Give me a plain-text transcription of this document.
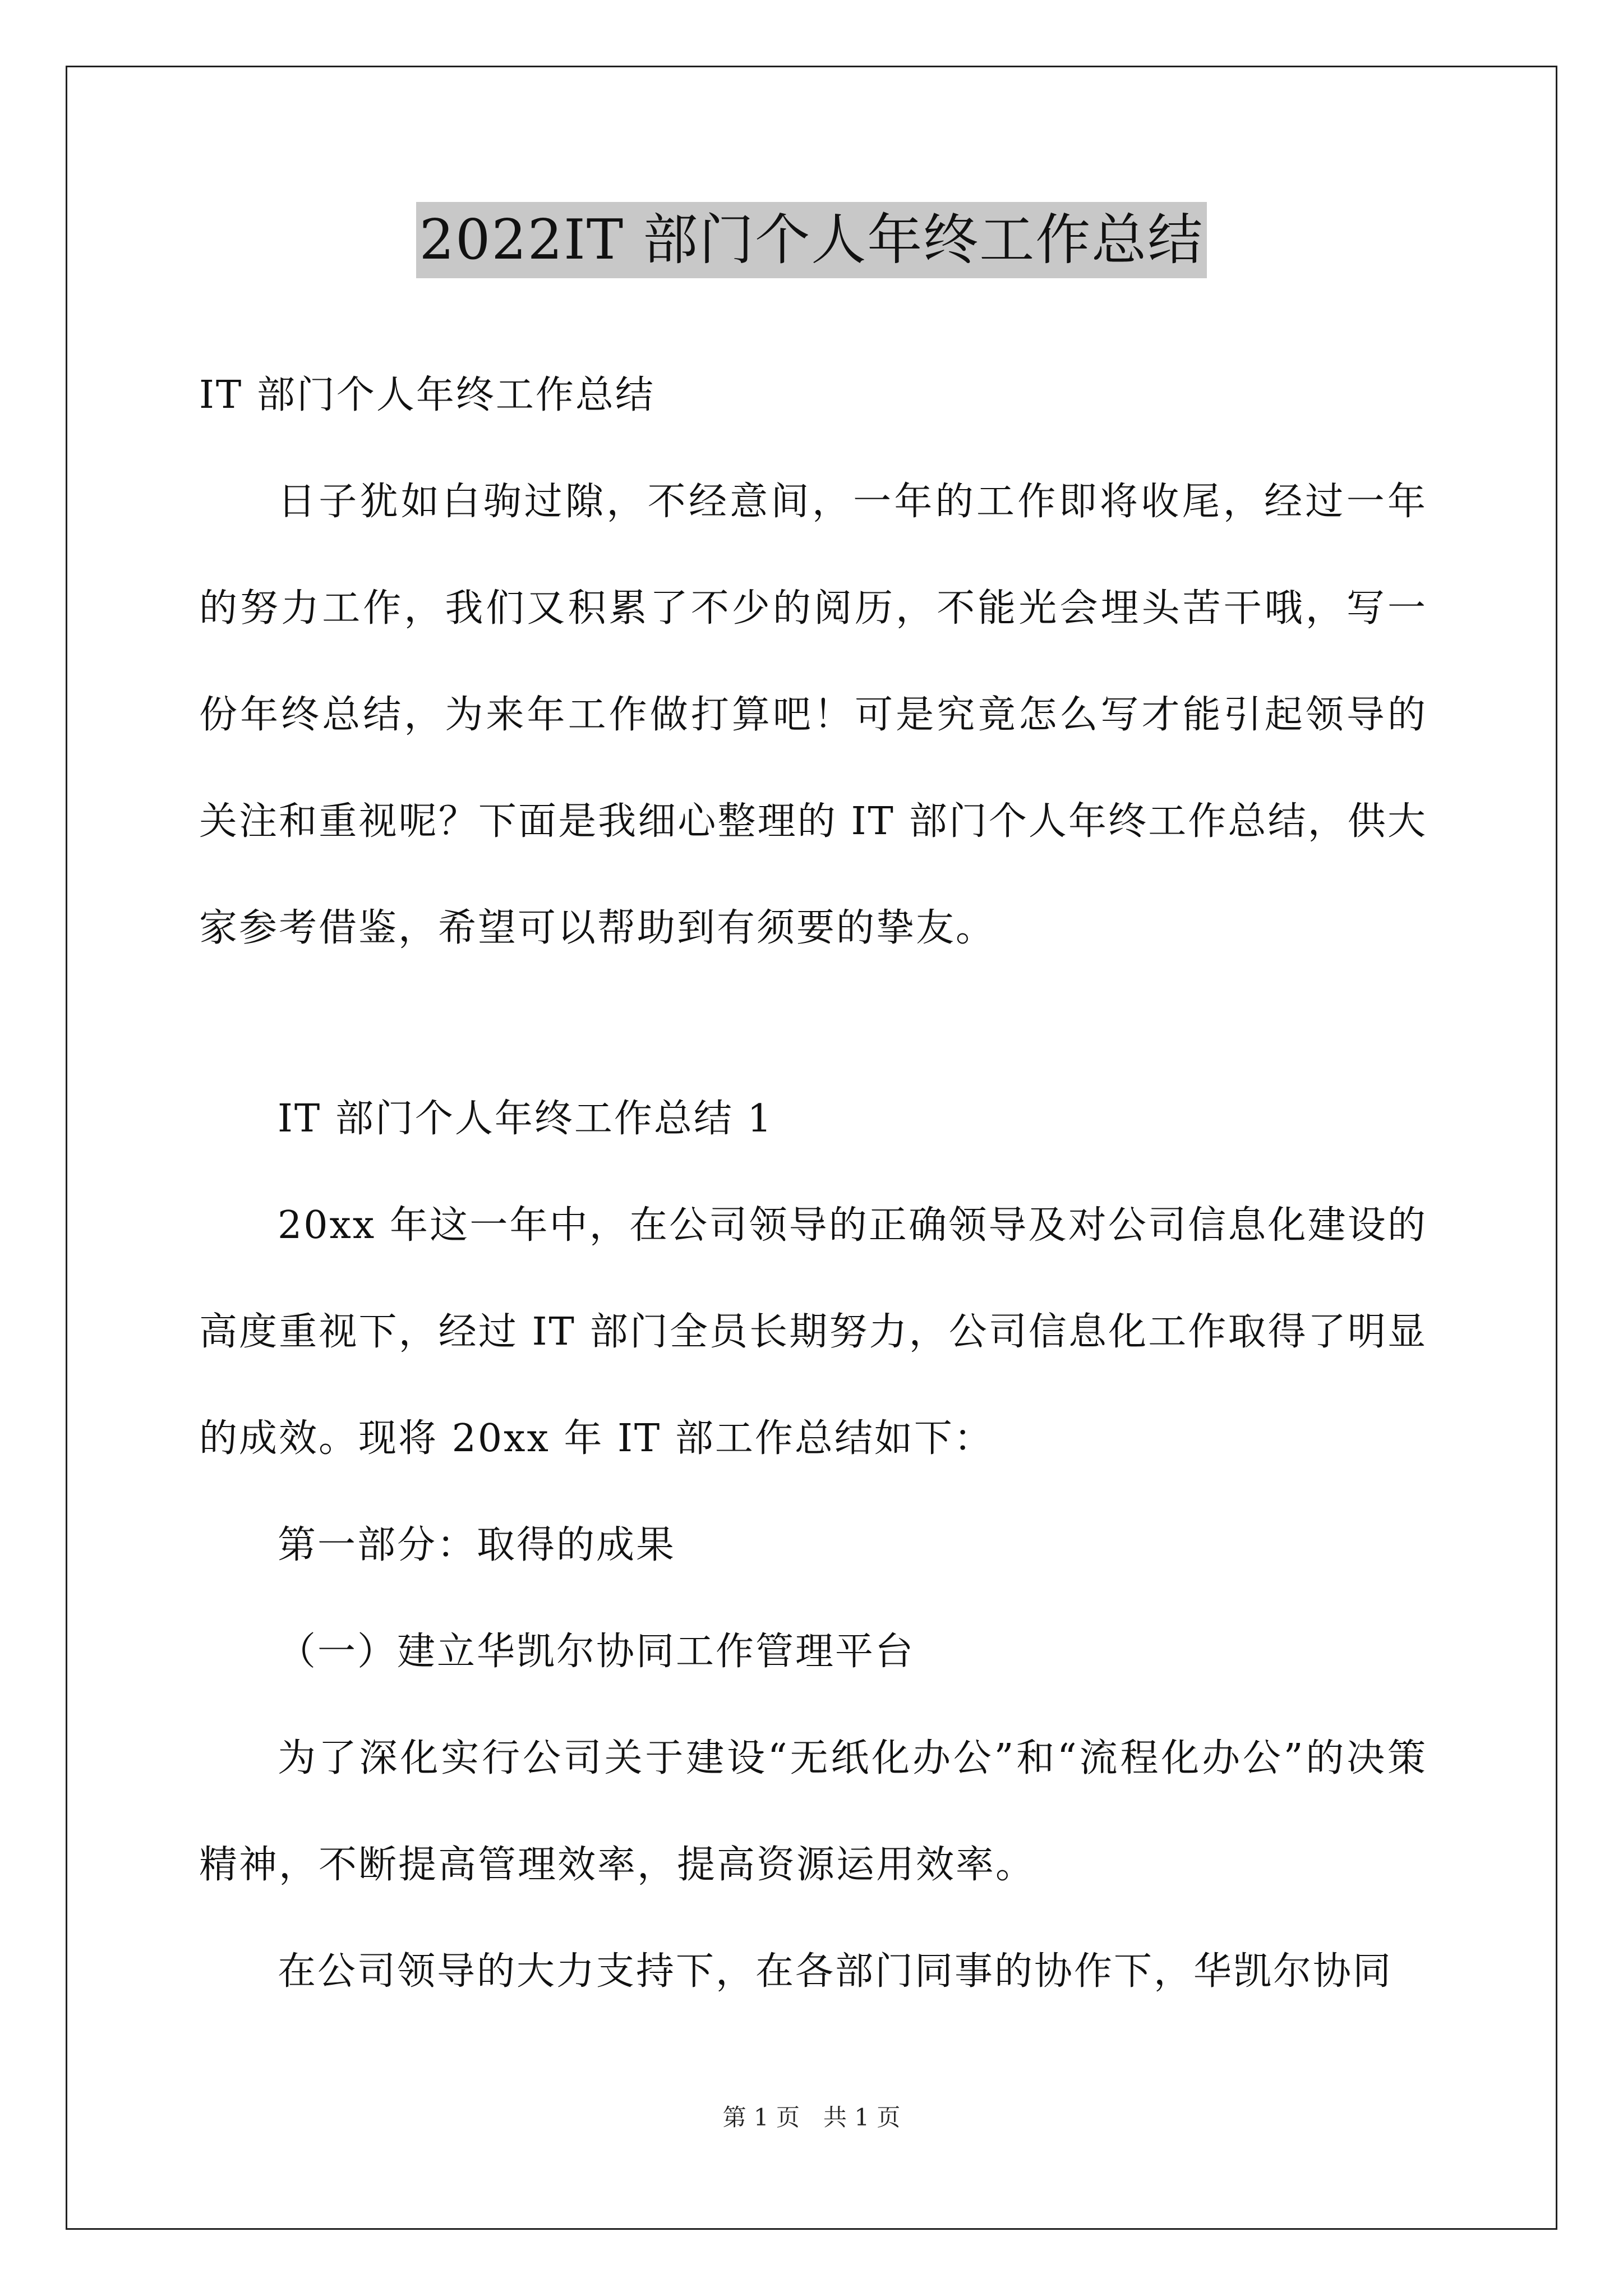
2022IT 部门个人年终工作总结

IT 部门个人年终工作总结

日子犹如白驹过隙，不经意间，一年的工作即将收尾，经过一年的努力工作，我们又积累了不少的阅历，不能光会埋头苦干哦，写一份年终总结，为来年工作做打算吧！可是究竟怎么写才能引起领导的关注和重视呢？下面是我细心整理的 IT 部门个人年终工作总结，供大家参考借鉴，希望可以帮助到有须要的挚友。

IT 部门个人年终工作总结 1

20xx 年这一年中，在公司领导的正确领导及对公司信息化建设的高度重视下，经过 IT 部门全员长期努力，公司信息化工作取得了明显的成效。现将 20xx 年 IT 部工作总结如下：

第一部分：取得的成果

（一）建立华凯尔协同工作管理平台

为了深化实行公司关于建设“无纸化办公”和“流程化办公”的决策精神，不断提高管理效率，提高资源运用效率。

在公司领导的大力支持下，在各部门同事的协作下，华凯尔协同

第 1 页 共 1 页
